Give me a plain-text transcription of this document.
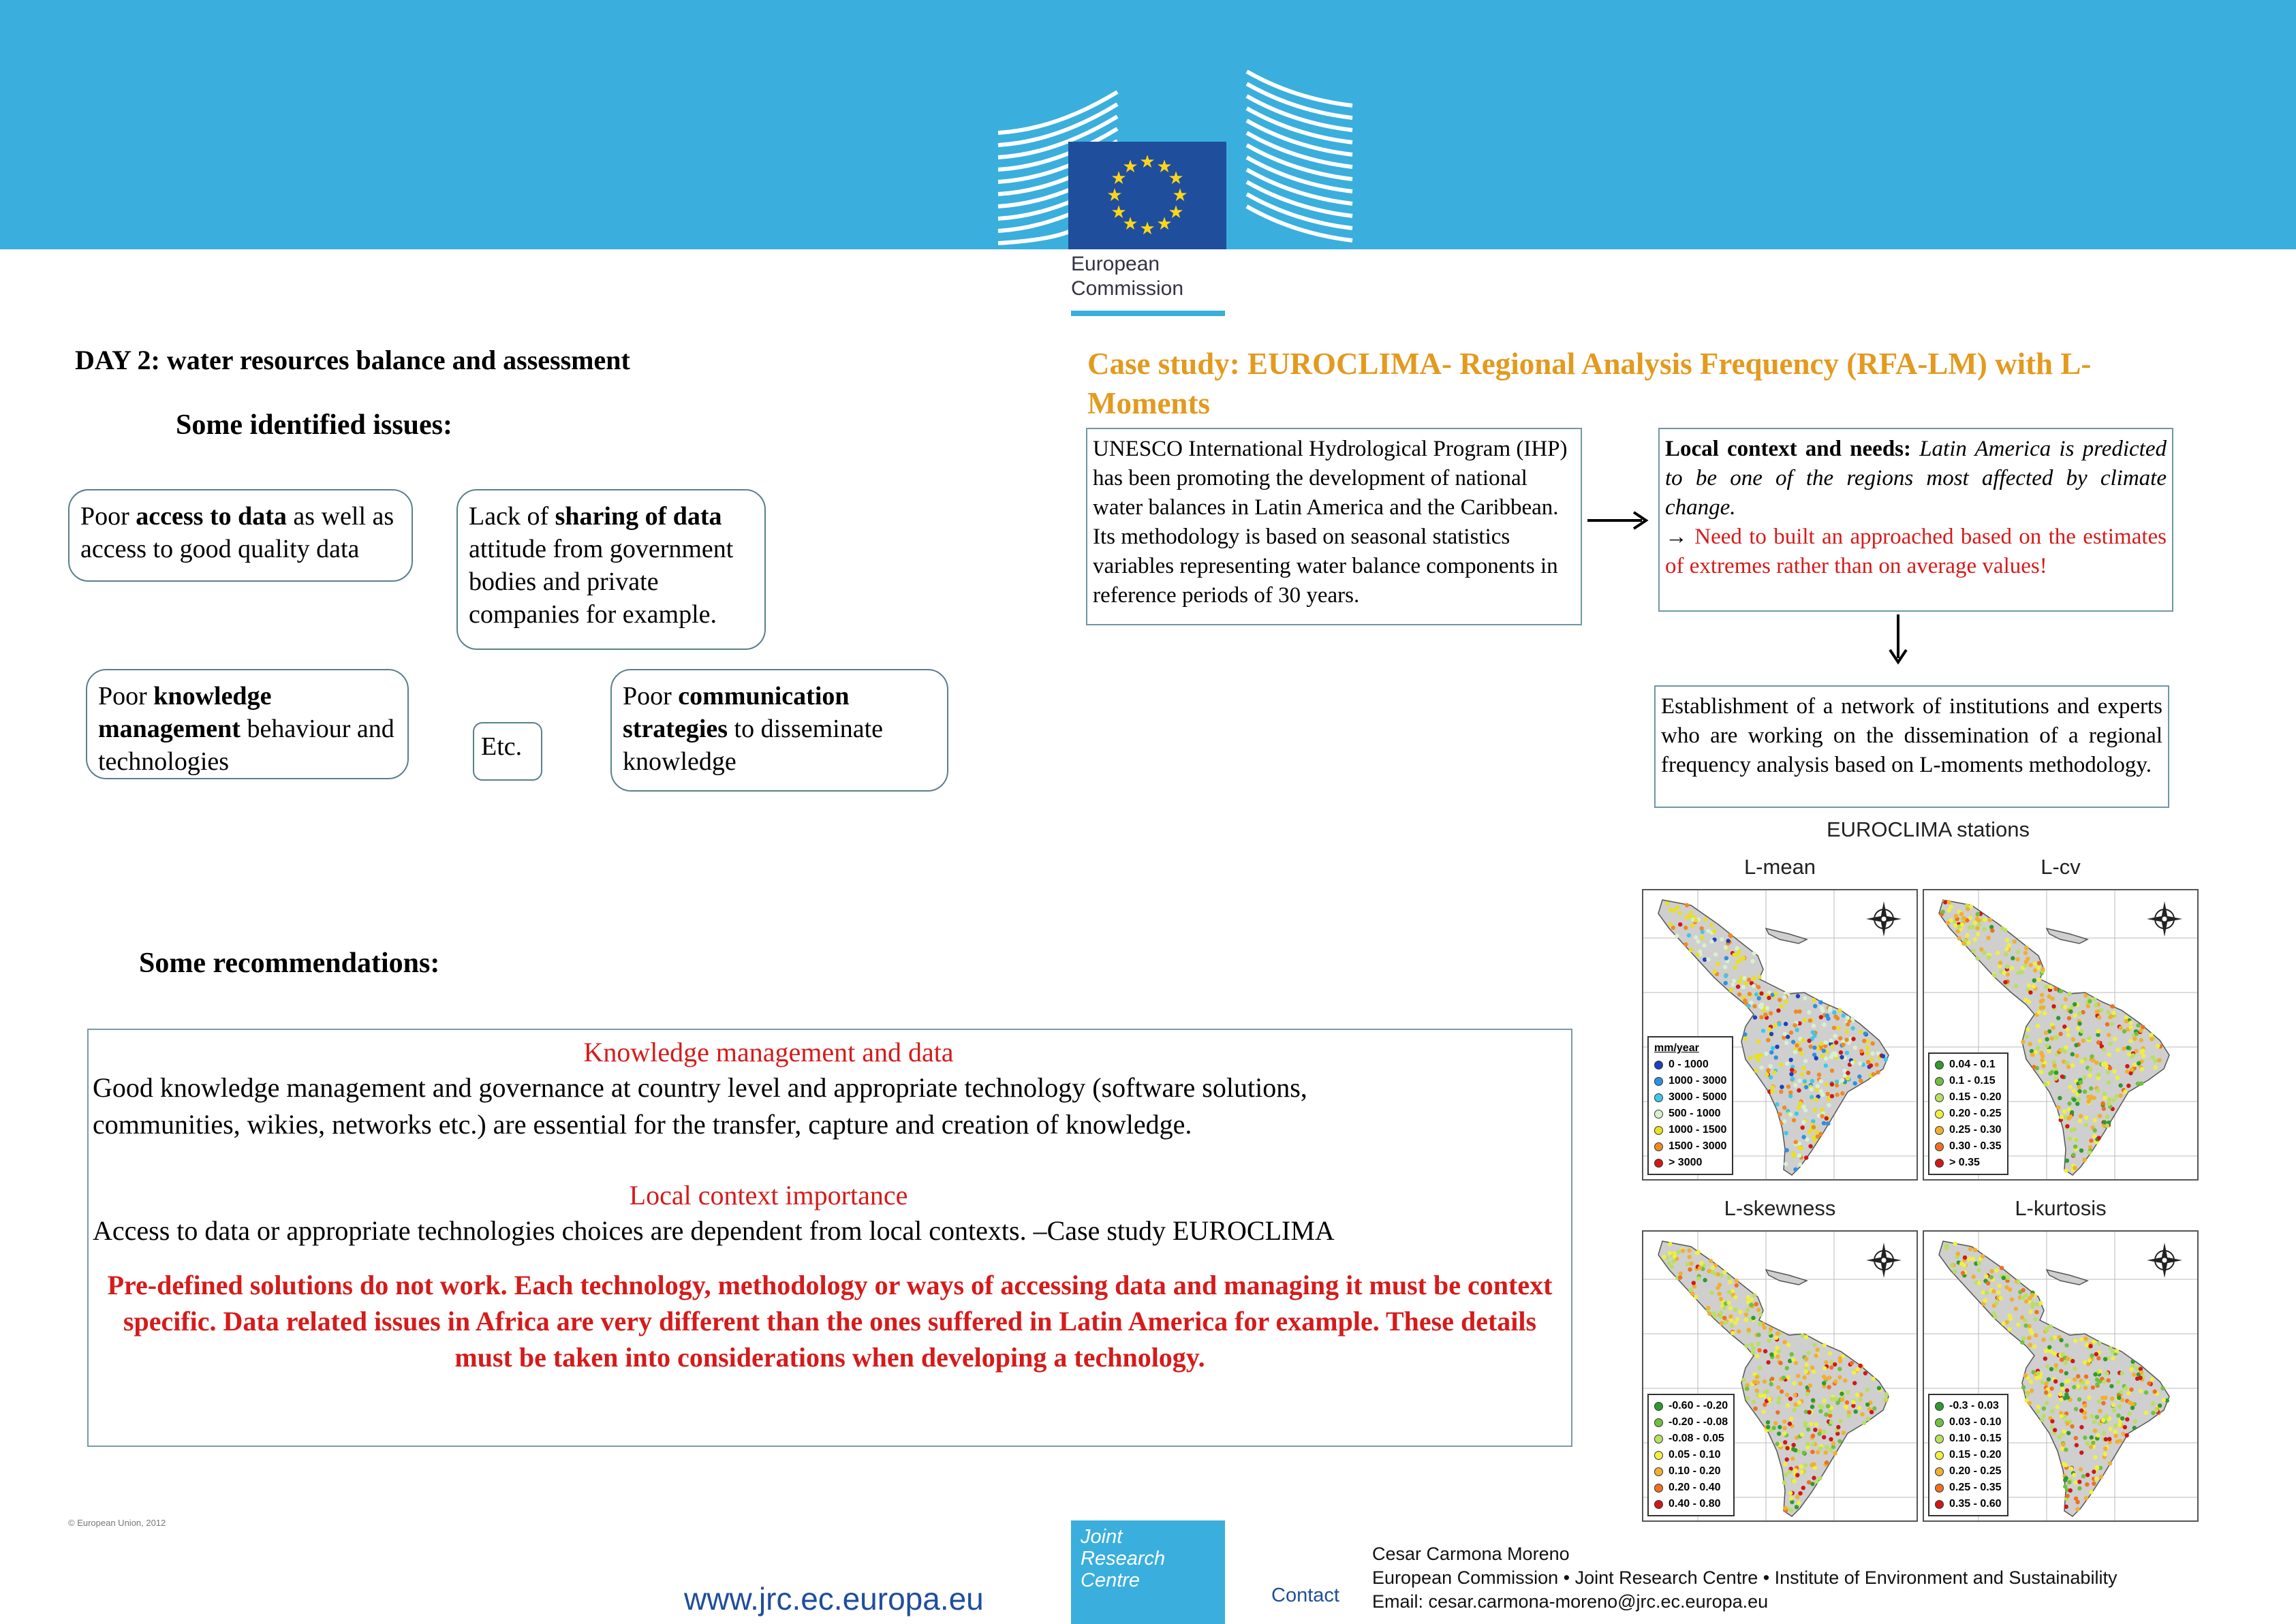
★ ★
★
★
★
★
★
★
★
★
★
★
European
Commission
DAY 2: water resources balance and assessment
Some identified issues:
Poor access to data as well as access to good quality data
Lack of sharing of data attitude from government bodies and private companies for example.
Poor knowledge management behaviour and technologies
Etc.
Poor communication strategies to disseminate knowledge
Some recommendations:
Knowledge management and data
Good knowledge management and governance at country level and appropriate technology (software solutions, communities, wikies, networks etc.) are essential for the transfer, capture and creation of knowledge.
Local context importance
Access to data or appropriate technologies choices are dependent from local contexts. –Case study EUROCLIMA
Pre-defined solutions do not work. Each technology, methodology or ways of accessing data and managing it must be context specific. Data related issues in Africa are very different than the ones suffered in Latin America for example. These details must be taken into considerations when developing a technology.
Case study: EUROCLIMA- Regional Analysis Frequency (RFA-LM) with L-Moments
UNESCO International Hydrological Program (IHP) has been promoting the development of national water balances in Latin America and the Caribbean. Its methodology is based on seasonal statistics variables representing water balance components in reference periods of 30 years.
Local context and needs: Latin America is predicted to be one of the regions most affected by climate change.
→ Need to built an approached based on the estimates of extremes rather than on average values!
Establishment of a network of institutions and experts who are working on the dissemination of a regional frequency analysis based on L-moments methodology.
EUROCLIMA stations
L-mean	L-cv
L-skewness	L-kurtosis
mm/year
0 - 1000
1000 - 3000
3000 - 5000
500 - 1000
1000 - 1500
1500 - 3000
> 3000
0.04 - 0.1
0.1 - 0.15
0.15 - 0.20
0.20 - 0.25
0.25 - 0.30
0.30 - 0.35
> 0.35
-0.60 - -0.20
-0.20 - -0.08
-0.08 - 0.05
0.05 - 0.10
0.10 - 0.20
0.20 - 0.40
0.40 - 0.80
-0.3 - 0.03
0.03 - 0.10
0.10 - 0.15
0.15 - 0.20
0.20 - 0.25
0.25 - 0.35
0.35 - 0.60
© European Union, 2012
www.jrc.ec.europa.eu
Joint
Research
Centre
Contact
Cesar Carmona Moreno
European Commission • Joint Research Centre • Institute of Environment and Sustainability
Email: cesar.carmona-moreno@jrc.ec.europa.eu
